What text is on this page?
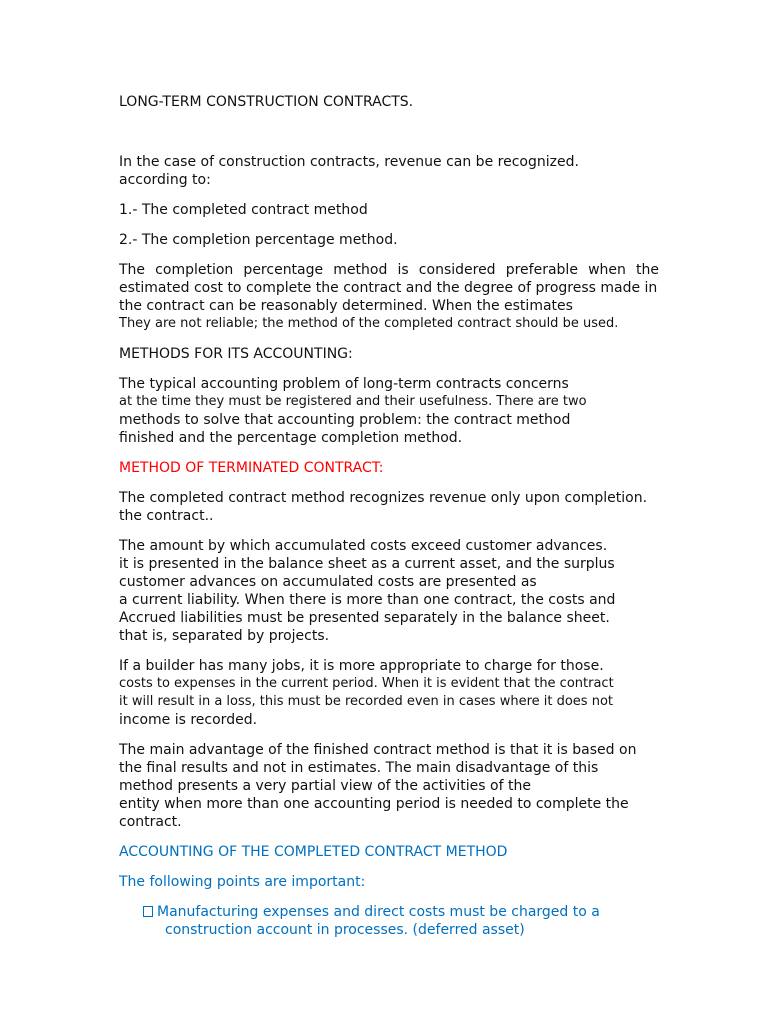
LONG-TERM CONSTRUCTION CONTRACTS.
In the case of construction contracts, revenue can be recognized.
according to:
1.- The completed contract method
2.- The completion percentage method.
The completion percentage method is considered preferable when the
estimated cost to complete the contract and the degree of progress made in
the contract can be reasonably determined. When the estimates
They are not reliable; the method of the completed contract should be used.
METHODS FOR ITS ACCOUNTING:
The typical accounting problem of long-term contracts concerns
at the time they must be registered and their usefulness. There are two
methods to solve that accounting problem: the contract method
finished and the percentage completion method.
METHOD OF TERMINATED CONTRACT:
The completed contract method recognizes revenue only upon completion.
the contract..
The amount by which accumulated costs exceed customer advances.
it is presented in the balance sheet as a current asset, and the surplus
customer advances on accumulated costs are presented as
a current liability. When there is more than one contract, the costs and
Accrued liabilities must be presented separately in the balance sheet.
that is, separated by projects.
If a builder has many jobs, it is more appropriate to charge for those.
costs to expenses in the current period. When it is evident that the contract
it will result in a loss, this must be recorded even in cases where it does not
income is recorded.
The main advantage of the finished contract method is that it is based on
the final results and not in estimates. The main disadvantage of this
method presents a very partial view of the activities of the
entity when more than one accounting period is needed to complete the
contract.
ACCOUNTING OF THE COMPLETED CONTRACT METHOD
The following points are important:
Manufacturing expenses and direct costs must be charged to a
construction account in processes. (deferred asset)
